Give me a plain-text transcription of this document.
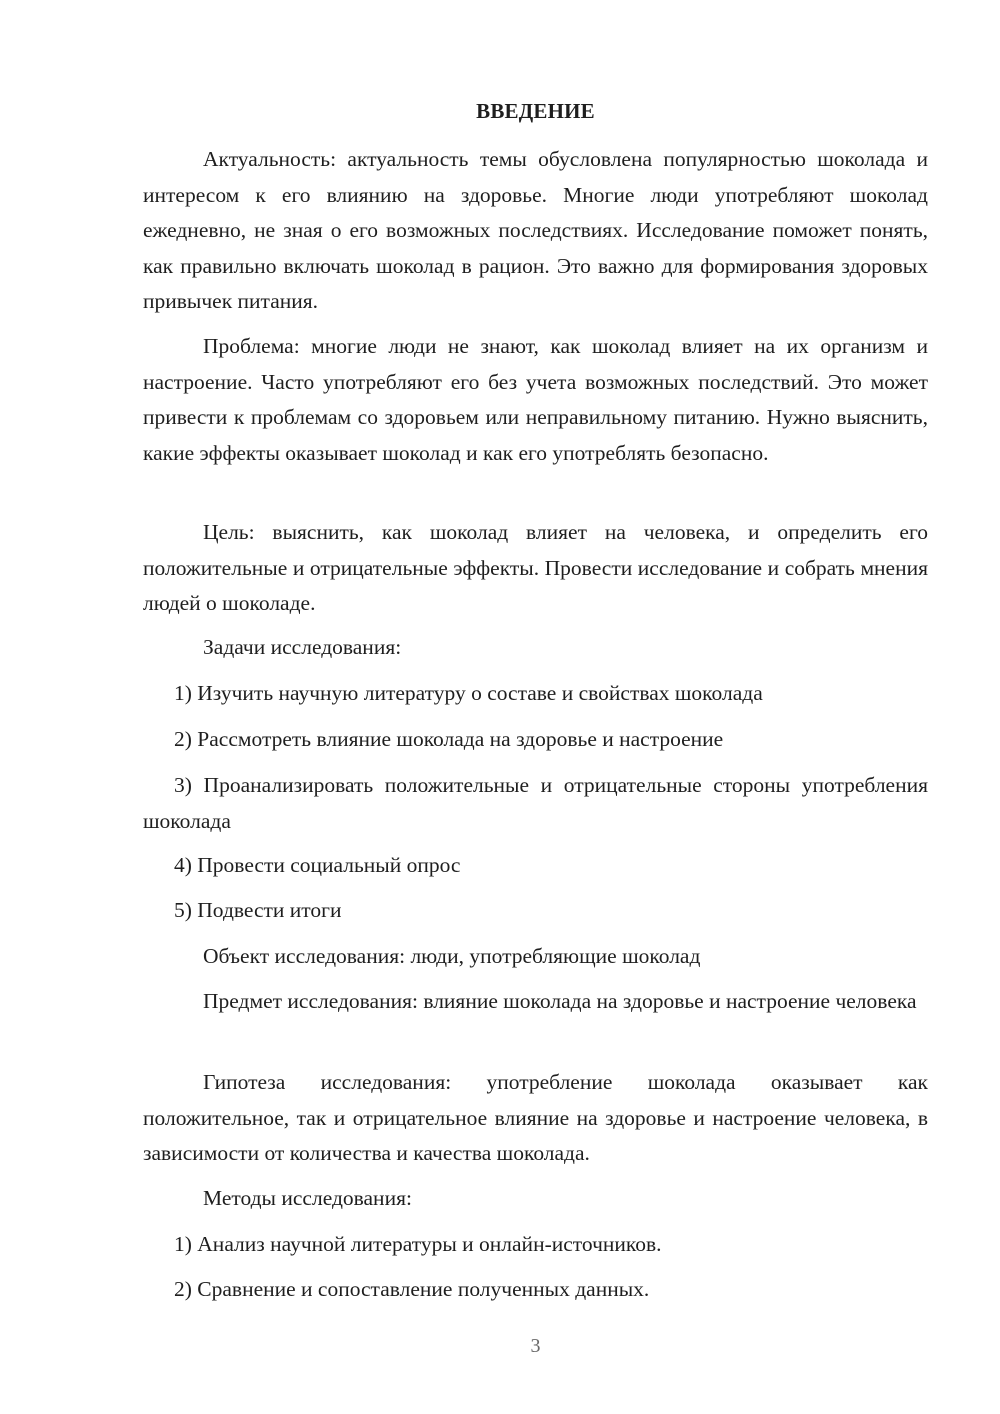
ВВЕДЕНИЕ
Актуальность: актуальность темы обусловлена популярностью шоколада и интересом к его влиянию на здоровье. Многие люди употребляют шоколад ежедневно, не зная о его возможных последствиях. Исследование поможет понять, как правильно включать шоколад в рацион. Это важно для формирования здоровых привычек питания.
Проблема: многие люди не знают, как шоколад влияет на их организм и настроение. Часто употребляют его без учета возможных последствий. Это может привести к проблемам со здоровьем или неправильному питанию. Нужно выяснить, какие эффекты оказывает шоколад и как его употреблять безопасно.
Цель: выяснить, как шоколад влияет на человека, и определить его положительные и отрицательные эффекты. Провести исследование и собрать мнения людей о шоколаде.
Задачи исследования:
1) Изучить научную литературу о составе и свойствах шоколада
2) Рассмотреть влияние шоколада на здоровье и настроение
3) Проанализировать положительные и отрицательные стороны употребления шоколада
4) Провести социальный опрос
5) Подвести итоги
Объект исследования: люди, употребляющие шоколад
Предмет исследования: влияние шоколада на здоровье и настроение человека
Гипотеза исследования: употребление шоколада оказывает как положительное, так и отрицательное влияние на здоровье и настроение человека, в зависимости от количества и качества шоколада.
Методы исследования:
1) Анализ научной литературы и онлайн-источников.
2) Сравнение и сопоставление полученных данных.
3
